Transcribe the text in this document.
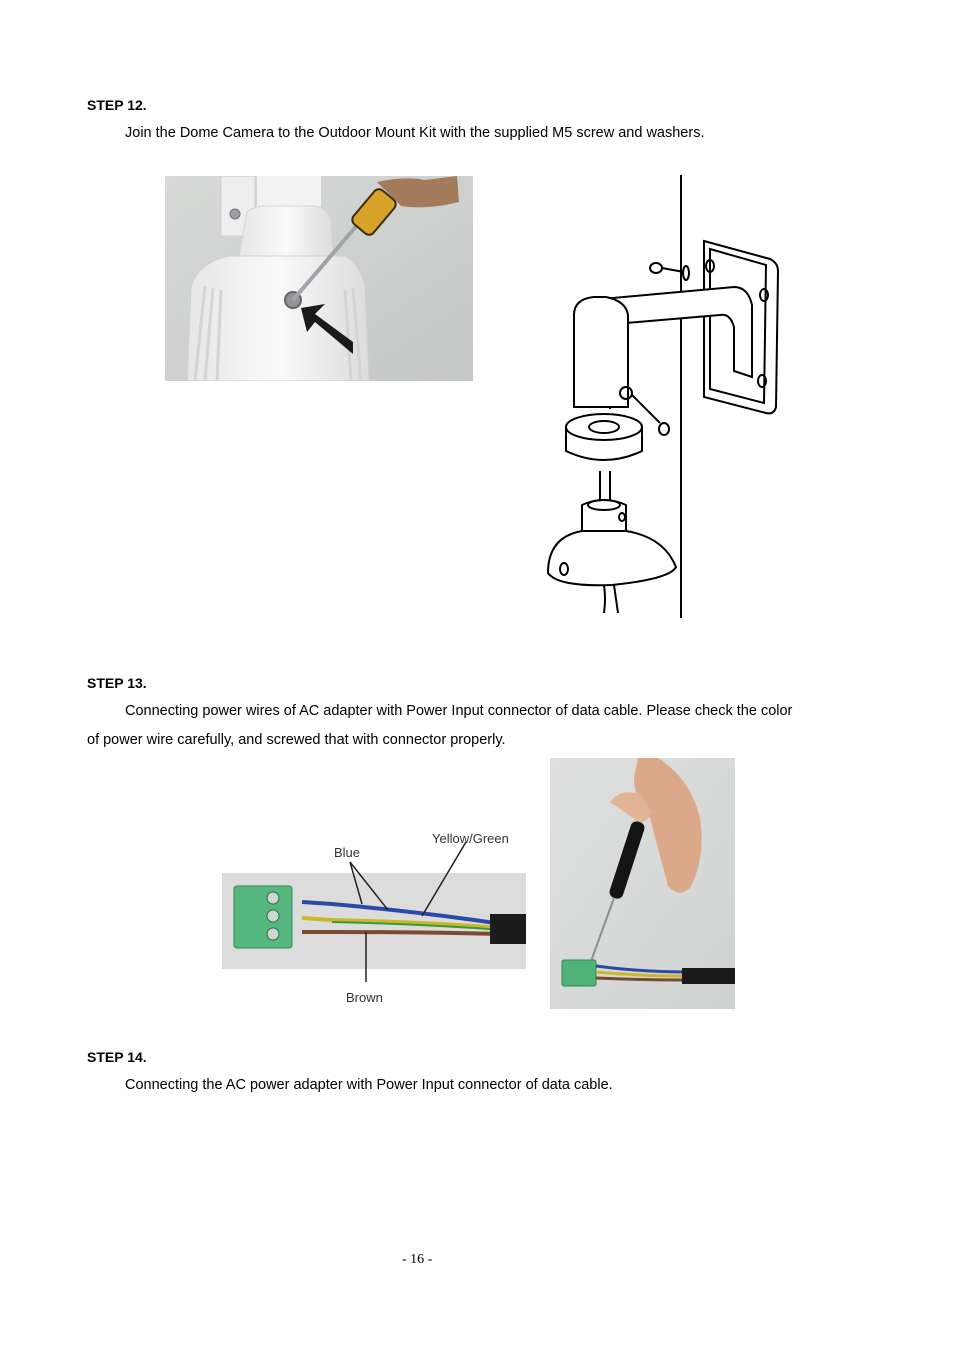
STEP 12.
Join the Dome Camera to the Outdoor Mount Kit with the supplied M5 screw and washers.
STEP 13.
Connecting power wires of AC adapter with Power Input connector of data cable. Please check the color
of power wire carefully, and screwed that with connector properly.
Blue
Yellow/Green
Brown
STEP 14.
Connecting the AC power adapter with Power Input connector of data cable.
- 16 -
